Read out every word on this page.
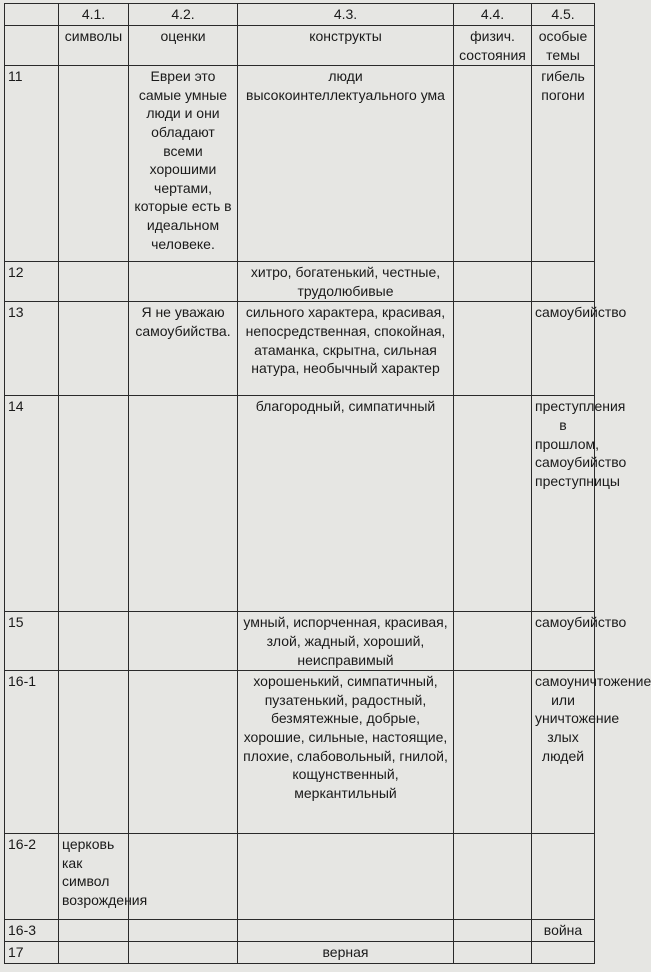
	4.1.	4.2.	4.3.	4.4.	4.5.
	символы	оценки	конструкты	физич. состояния	особые темы
11		Евреи это самые умные люди и они обладают всеми хорошими чертами, которые есть в идеальном человеке.	люди высокоинтеллектуального ума		гибель погони
12			хитро, богатенький, честные, трудолюбивые		
13		Я не уважаю самоубийства.	сильного характера, красивая, непосредственная, спокойная, атаманка, скрытна, сильная натура, необычный характер		самоубийство
14			благородный, симпатичный		преступления в прошлом, самоубийство преступницы
15			умный, испорченная, красивая, злой, жадный, хороший, неисправимый		самоубийство
16-1			хорошенький, симпатичный, пузатенький, радостный, безмятежные, добрые, хорошие, сильные, настоящие, плохие, слабовольный, гнилой, кощунственный, меркантильный		самоуничтожение или уничтожение злых людей
16-2	церковь как символ возрождения				
16-3					война
17			верная		
